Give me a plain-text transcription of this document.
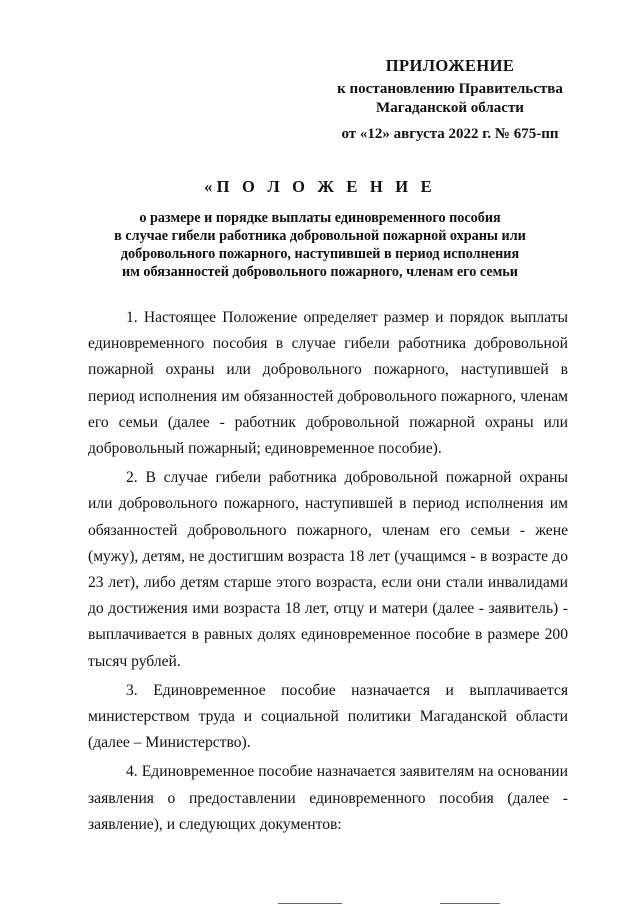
ПРИЛОЖЕНИЕ
к постановлению Правительства
Магаданской области
от «12» августа 2022 г. № 675-пп
«П О Л О Ж Е Н И Е
о размере и порядке выплаты единовременного пособия
в случае гибели работника добровольной пожарной охраны или
добровольного пожарного, наступившей в период исполнения
им обязанностей добровольного пожарного, членам его семьи

1. Настоящее Положение определяет размер и порядок выплаты единовременного пособия в случае гибели работника добровольной пожарной охраны или добровольного пожарного, наступившей в период исполнения им обязанностей добровольного пожарного, членам его семьи (далее - работник добровольной пожарной охраны или добровольный пожарный; единовременное пособие).

2. В случае гибели работника добровольной пожарной охраны или добровольного пожарного, наступившей в период исполнения им обязанностей добровольного пожарного, членам его семьи - жене (мужу), детям, не достигшим возраста 18 лет (учащимся - в возрасте до 23 лет), либо детям старше этого возраста, если они стали инвалидами до достижения ими возраста 18 лет, отцу и матери (далее - заявитель) - выплачивается в равных долях единовременное пособие в размере 200 тысяч рублей.

3. Единовременное пособие назначается и выплачивается министерством труда и социальной политики Магаданской области (далее – Министерство).

4. Единовременное пособие назначается заявителям на основании заявления о предоставлении единовременного пособия (далее - заявление), и следующих документов:
